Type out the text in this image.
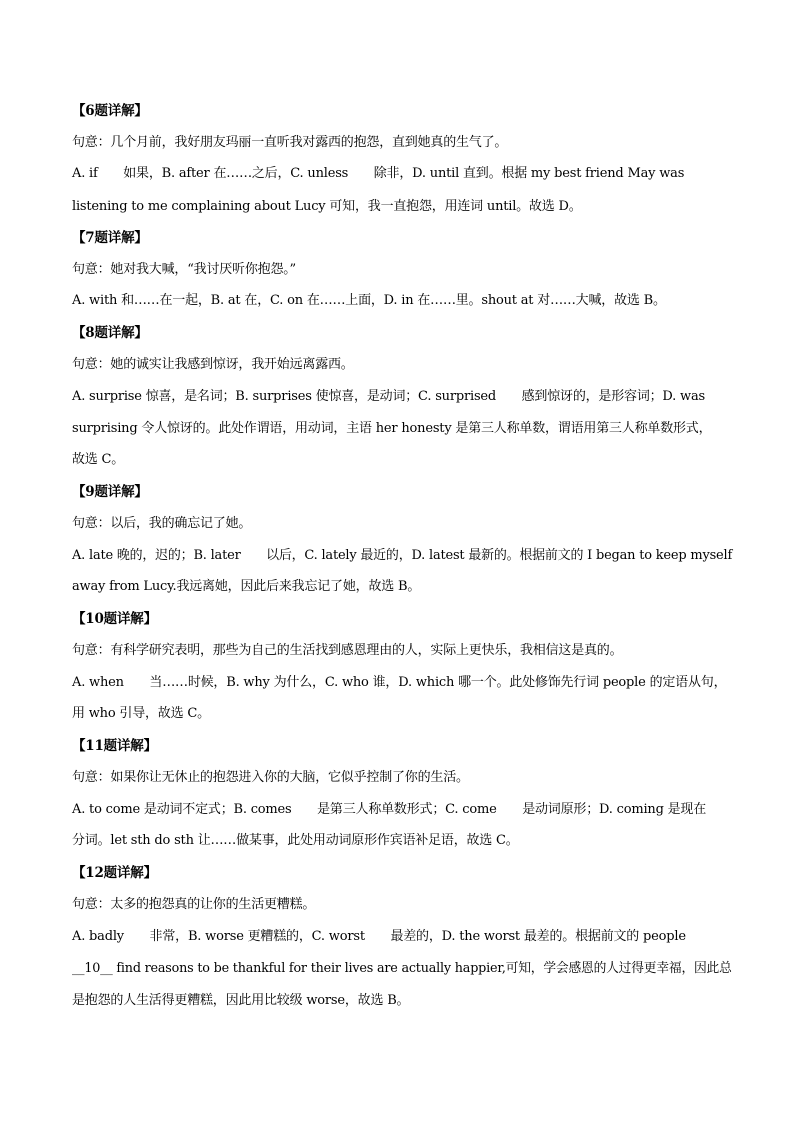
【6题详解】
句意：几个月前，我好朋友玛丽一直听我对露西的抱怨，直到她真的生气了。
A. if　　如果，B. after 在……之后，C. unless　　除非，D. until 直到。根据 my best friend May was
listening to me complaining about Lucy 可知，我一直抱怨，用连词 until。故选 D。
【7题详解】
句意：她对我大喊，“我讨厌听你抱怨。”
A. with 和……在一起，B. at 在，C. on 在……上面，D. in 在……里。shout at 对……大喊，故选 B。
【8题详解】
句意：她的诚实让我感到惊讶，我开始远离露西。
A. surprise 惊喜，是名词；B. surprises 使惊喜，是动词；C. surprised　　感到惊讶的，是形容词；D. was
surprising 令人惊讶的。此处作谓语，用动词，主语 her honesty 是第三人称单数，谓语用第三人称单数形式，
故选 C。
【9题详解】
句意：以后，我的确忘记了她。
A. late 晚的，迟的；B. later　　以后，C. lately 最近的，D. latest 最新的。根据前文的 I began to keep myself
away from Lucy.我远离她，因此后来我忘记了她，故选 B。
【10题详解】
句意：有科学研究表明，那些为自己的生活找到感恩理由的人，实际上更快乐，我相信这是真的。
A. when　　当……时候，B. why 为什么，C. who 谁，D. which 哪一个。此处修饰先行词 people 的定语从句，
用 who 引导，故选 C。
【11题详解】
句意：如果你让无休止的抱怨进入你的大脑，它似乎控制了你的生活。
A. to come 是动词不定式；B. comes　　是第三人称单数形式；C. come　　是动词原形；D. coming 是现在
分词。let sth do sth 让……做某事，此处用动词原形作宾语补足语，故选 C。
【12题详解】
句意：太多的抱怨真的让你的生活更糟糕。
A. badly　　非常，B. worse 更糟糕的，C. worst　　最差的，D. the worst 最差的。根据前文的 people
__10__ find reasons to be thankful for their lives are actually happier,可知，学会感恩的人过得更幸福，因此总
是抱怨的人生活得更糟糕，因此用比较级 worse，故选 B。
